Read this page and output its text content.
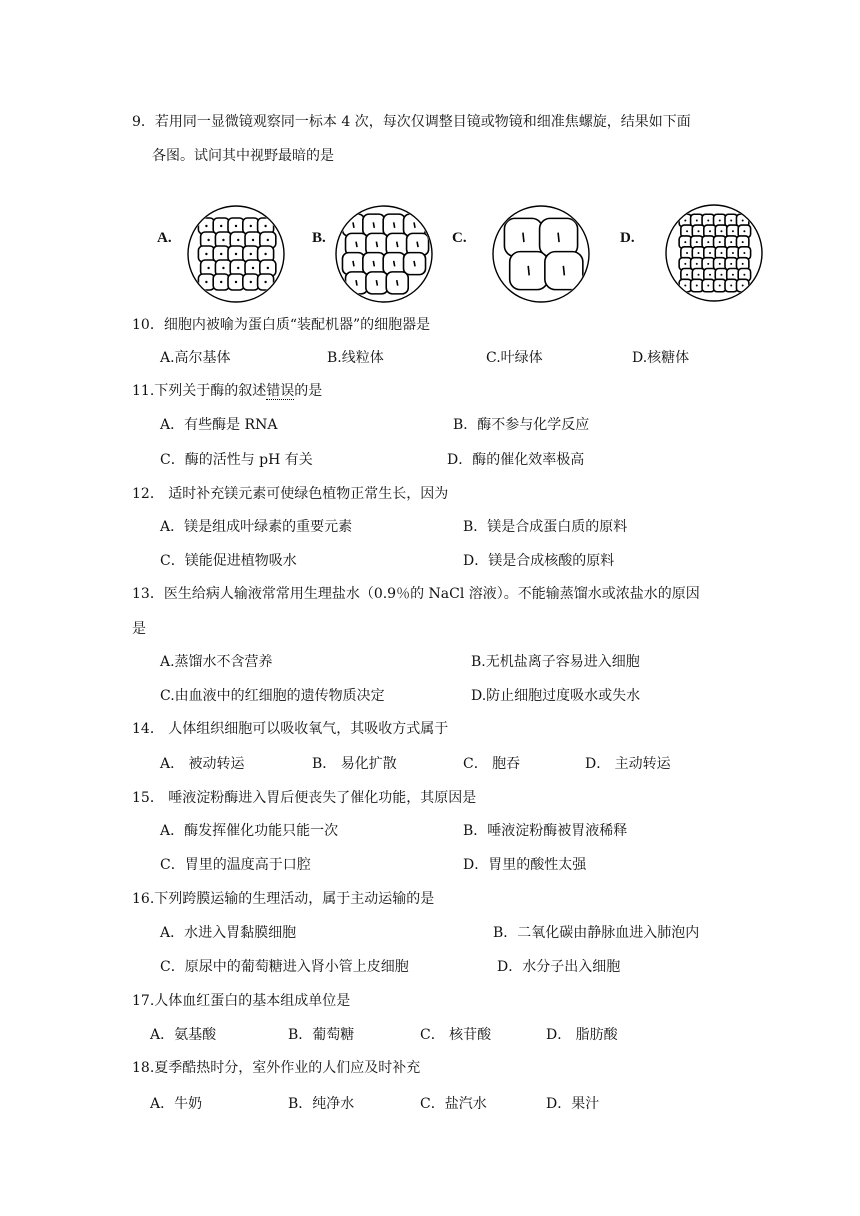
9．若用同一显微镜观察同一标本 4 次，每次仅调整目镜或物镜和细准焦螺旋，结果如下面
各图。试问其中视野最暗的是
A.	B.	C.	D.
10．细胞内被喻为蛋白质“装配机器”的细胞器是
A.高尔基体	B.线粒体	C.叶绿体	D.核糖体
11.下列关于酶的叙述错误的是
A．有些酶是 RNA	B．酶不参与化学反应
C．酶的活性与 pH 有关	D．酶的催化效率极高
12． 适时补充镁元素可使绿色植物正常生长，因为
A．镁是组成叶绿素的重要元素	B．镁是合成蛋白质的原料
C．镁能促进植物吸水	D．镁是合成核酸的原料
13．医生给病人输液常常用生理盐水（0.9％的 NaCl 溶液）。不能输蒸馏水或浓盐水的原因
是
A.蒸馏水不含营养	B.无机盐离子容易进入细胞
C.由血液中的红细胞的遗传物质决定	D.防止细胞过度吸水或失水
14． 人体组织细胞可以吸收氧气，其吸收方式属于
A． 被动转运	B． 易化扩散	C． 胞吞	D． 主动转运
15． 唾液淀粉酶进入胃后便丧失了催化功能，其原因是
A．酶发挥催化功能只能一次	B．唾液淀粉酶被胃液稀释
C．胃里的温度高于口腔	D．胃里的酸性太强
16.下列跨膜运输的生理活动，属于主动运输的是
A．水进入胃黏膜细胞	B．二氧化碳由静脉血进入肺泡内
C．原尿中的葡萄糖进入肾小管上皮细胞	D．水分子出入细胞
17.人体血红蛋白的基本组成单位是
A．氨基酸	B．葡萄糖	C． 核苷酸	D． 脂肪酸
18.夏季酷热时分，室外作业的人们应及时补充
A．牛奶	B．纯净水	C．盐汽水	D．果汁
